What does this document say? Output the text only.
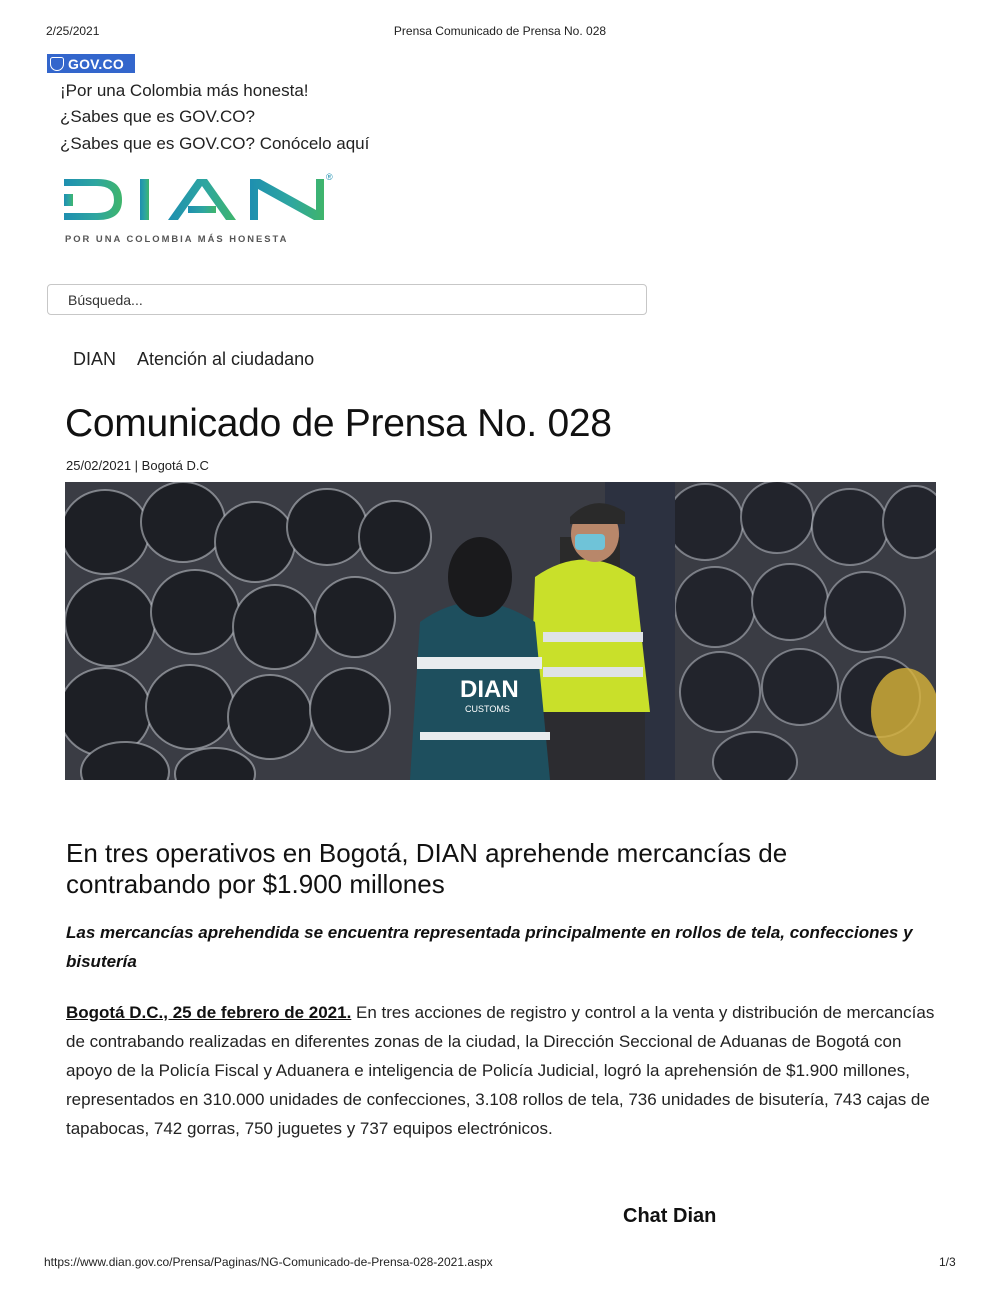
2/25/2021	Prensa Comunicado de Prensa No. 028
GOV.CO
¡Por una Colombia más honesta!
¿Sabes que es GOV.CO?
¿Sabes que es GOV.CO? Conócelo aquí
®
POR UNA COLOMBIA MÁS HONESTA
Búsqueda...
DIAN Atención al ciudadano
Comunicado de Prensa No. 028
25/02/2021 | Bogotá D.C
DIAN
CUSTOMS
En tres operativos en Bogotá, DIAN aprehende mercancías de contrabando por $1.900 millones
Las mercancías aprehendida se encuentra representada principalmente en rollos de tela, confecciones y bisutería
Bogotá D.C., 25 de febrero de 2021. En tres acciones de registro y control a la venta y distribución de mercancías de contrabando realizadas en diferentes zonas de la ciudad, la Dirección Seccional de Aduanas de Bogotá con apoyo de la Policía Fiscal y Aduanera e inteligencia de Policía Judicial, logró la aprehensión de $1.900 millones, representados en 310.000 unidades de confecciones, 3.108 rollos de tela, 736 unidades de bisutería, 743 cajas de tapabocas, 742 gorras, 750 juguetes y 737 equipos electrónicos.
Chat Dian
https://www.dian.gov.co/Prensa/Paginas/NG-Comunicado-de-Prensa-028-2021.aspx	1/3
